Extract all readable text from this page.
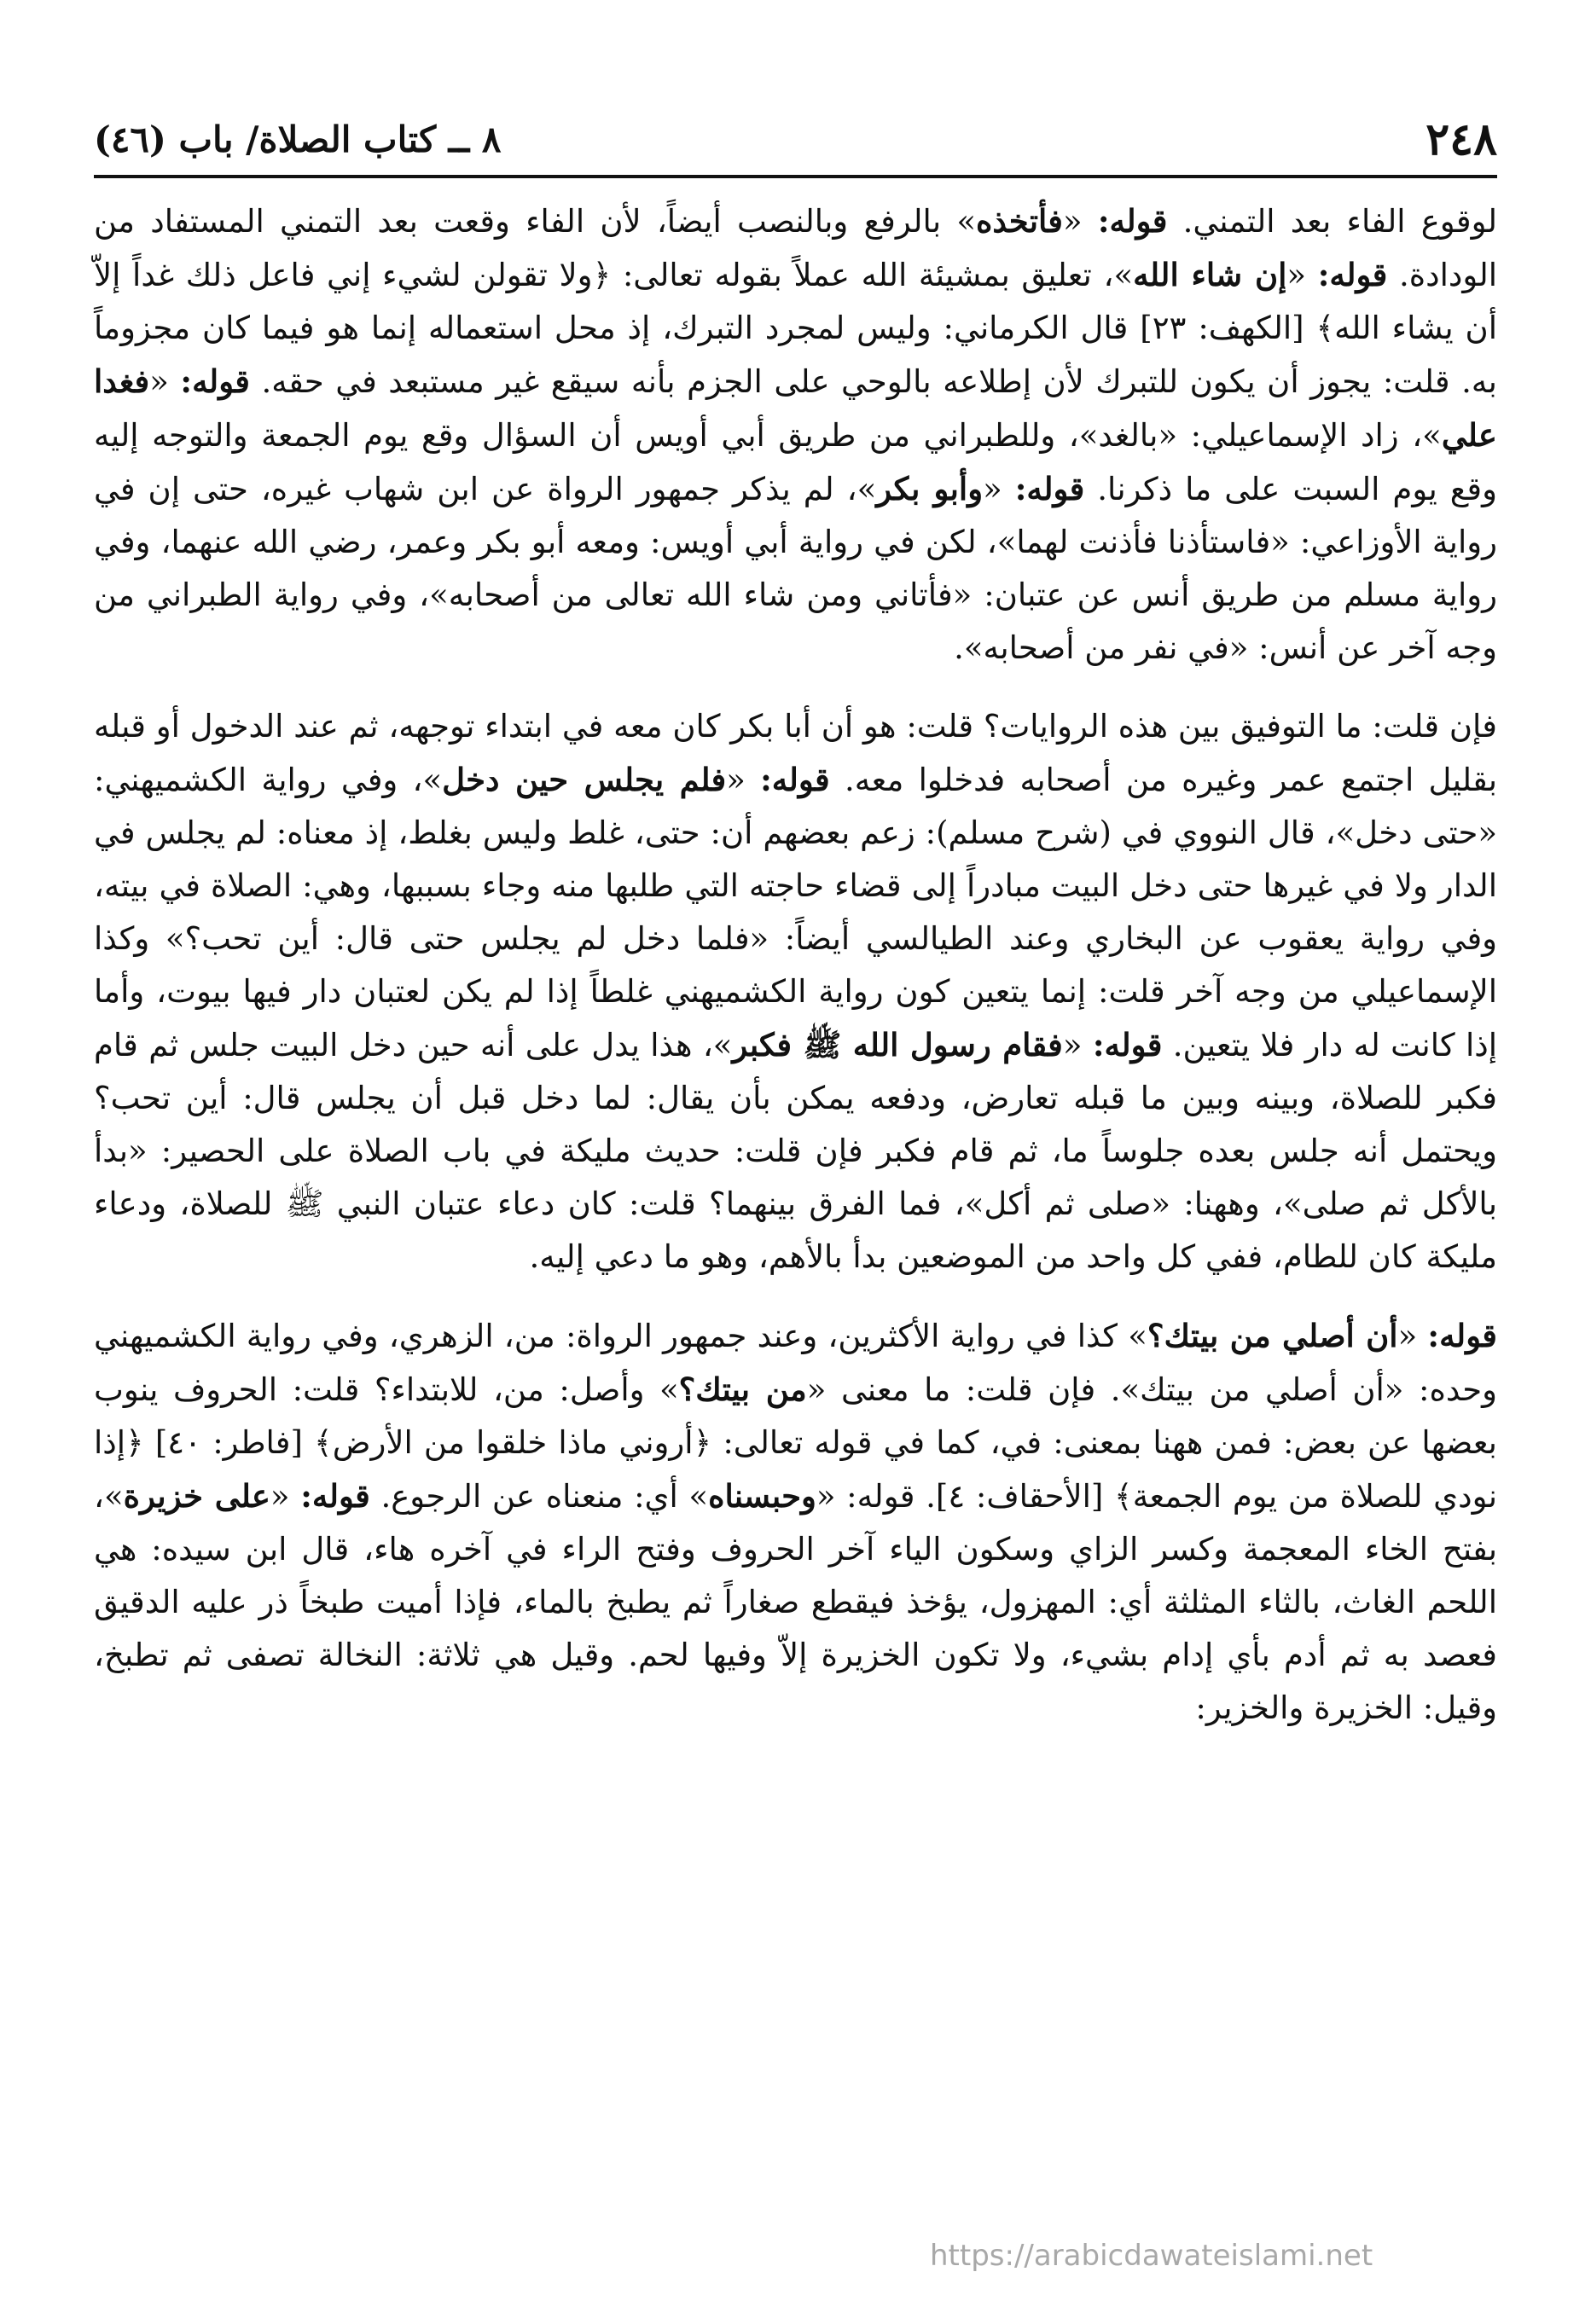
٢٤٨
٨ ــ كتاب الصلاة/ باب (٤٦)

لوقوع الفاء بعد التمني. قوله: «فأتخذه» بالرفع وبالنصب أيضاً، لأن الفاء وقعت بعد التمني المستفاد من الودادة. قوله: «إن شاء الله»، تعليق بمشيئة الله عملاً بقوله تعالى: ﴿ولا تقولن لشيء إني فاعل ذلك غداً إلاّ أن يشاء الله﴾ [الكهف: ٢٣] قال الكرماني: وليس لمجرد التبرك، إذ محل استعماله إنما هو فيما كان مجزوماً به. قلت: يجوز أن يكون للتبرك لأن إطلاعه بالوحي على الجزم بأنه سيقع غير مستبعد في حقه. قوله: «فغدا علي»، زاد الإسماعيلي: «بالغد»، وللطبراني من طريق أبي أويس أن السؤال وقع يوم الجمعة والتوجه إليه وقع يوم السبت على ما ذكرنا. قوله: «وأبو بكر»، لم يذكر جمهور الرواة عن ابن شهاب غيره، حتى إن في رواية الأوزاعي: «فاستأذنا فأذنت لهما»، لكن في رواية أبي أويس: ومعه أبو بكر وعمر، رضي الله عنهما، وفي رواية مسلم من طريق أنس عن عتبان: «فأتاني ومن شاء الله تعالى من أصحابه»، وفي رواية الطبراني من وجه آخر عن أنس: «في نفر من أصحابه».

فإن قلت: ما التوفيق بين هذه الروايات؟ قلت: هو أن أبا بكر كان معه في ابتداء توجهه، ثم عند الدخول أو قبله بقليل اجتمع عمر وغيره من أصحابه فدخلوا معه. قوله: «فلم يجلس حين دخل»، وفي رواية الكشميهني: «حتى دخل»، قال النووي في (شرح مسلم): زعم بعضهم أن: حتى، غلط وليس بغلط، إذ معناه: لم يجلس في الدار ولا في غيرها حتى دخل البيت مبادراً إلى قضاء حاجته التي طلبها منه وجاء بسببها، وهي: الصلاة في بيته، وفي رواية يعقوب عن البخاري وعند الطيالسي أيضاً: «فلما دخل لم يجلس حتى قال: أين تحب؟» وكذا الإسماعيلي من وجه آخر قلت: إنما يتعين كون رواية الكشميهني غلطاً إذا لم يكن لعتبان دار فيها بيوت، وأما إذا كانت له دار فلا يتعين. قوله: «فقام رسول الله ﷺ فكبر»، هذا يدل على أنه حين دخل البيت جلس ثم قام فكبر للصلاة، وبينه وبين ما قبله تعارض، ودفعه يمكن بأن يقال: لما دخل قبل أن يجلس قال: أين تحب؟ ويحتمل أنه جلس بعده جلوساً ما، ثم قام فكبر فإن قلت: حديث مليكة في باب الصلاة على الحصير: «بدأ بالأكل ثم صلى»، وههنا: «صلى ثم أكل»، فما الفرق بينهما؟ قلت: كان دعاء عتبان النبي ﷺ للصلاة، ودعاء مليكة كان للطام، ففي كل واحد من الموضعين بدأ بالأهم، وهو ما دعي إليه.

قوله: «أن أصلي من بيتك؟» كذا في رواية الأكثرين، وعند جمهور الرواة: من، الزهري، وفي رواية الكشميهني وحده: «أن أصلي من بيتك». فإن قلت: ما معنى «من بيتك؟» وأصل: من، للابتداء؟ قلت: الحروف ينوب بعضها عن بعض: فمن ههنا بمعنى: في، كما في قوله تعالى: ﴿أروني ماذا خلقوا من الأرض﴾ [فاطر: ٤٠] ﴿إذا نودي للصلاة من يوم الجمعة﴾ [الأحقاف: ٤]. قوله: «وحبسناه» أي: منعناه عن الرجوع. قوله: «على خزيرة»، بفتح الخاء المعجمة وكسر الزاي وسكون الياء آخر الحروف وفتح الراء في آخره هاء، قال ابن سيده: هي اللحم الغاث، بالثاء المثلثة أي: المهزول، يؤخذ فيقطع صغاراً ثم يطبخ بالماء، فإذا أميت طبخاً ذر عليه الدقيق فعصد به ثم أدم بأي إدام بشيء، ولا تكون الخزيرة إلاّ وفيها لحم. وقيل هي ثلاثة: النخالة تصفى ثم تطبخ، وقيل: الخزيرة والخزير:

https://arabicdawateislami.net
